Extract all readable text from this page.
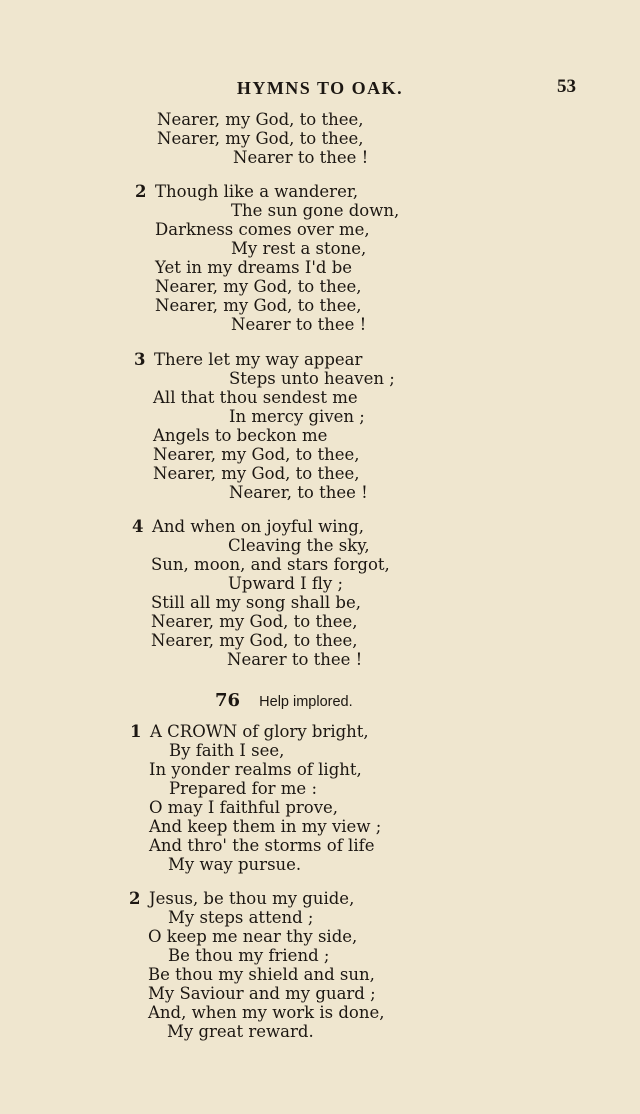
HYMNS TO OAK.	53
Nearer, my God, to thee,
Nearer, my God, to thee,
Nearer to thee !
2 Though like a wanderer,
The sun gone down,
Darkness comes over me,
My rest a stone,
Yet in my dreams I'd be
Nearer, my God, to thee,
Nearer, my God, to thee,
Nearer to thee !
3 There let my way appear
Steps unto heaven ;
All that thou sendest me
In mercy given ;
Angels to beckon me
Nearer, my God, to thee,
Nearer, my God, to thee,
Nearer, to thee !
4 And when on joyful wing,
Cleaving the sky,
Sun, moon, and stars forgot,
Upward I fly ;
Still all my song shall be,
Nearer, my God, to thee,
Nearer, my God, to thee,
Nearer to thee !
76 Help implored.
1 A CROWN of glory bright,
By faith I see,
In yonder realms of light,
Prepared for me :
O may I faithful prove,
And keep them in my view ;
And thro' the storms of life
My way pursue.
2 Jesus, be thou my guide,
My steps attend ;
O keep me near thy side,
Be thou my friend ;
Be thou my shield and sun,
My Saviour and my guard ;
And, when my work is done,
My great reward.
